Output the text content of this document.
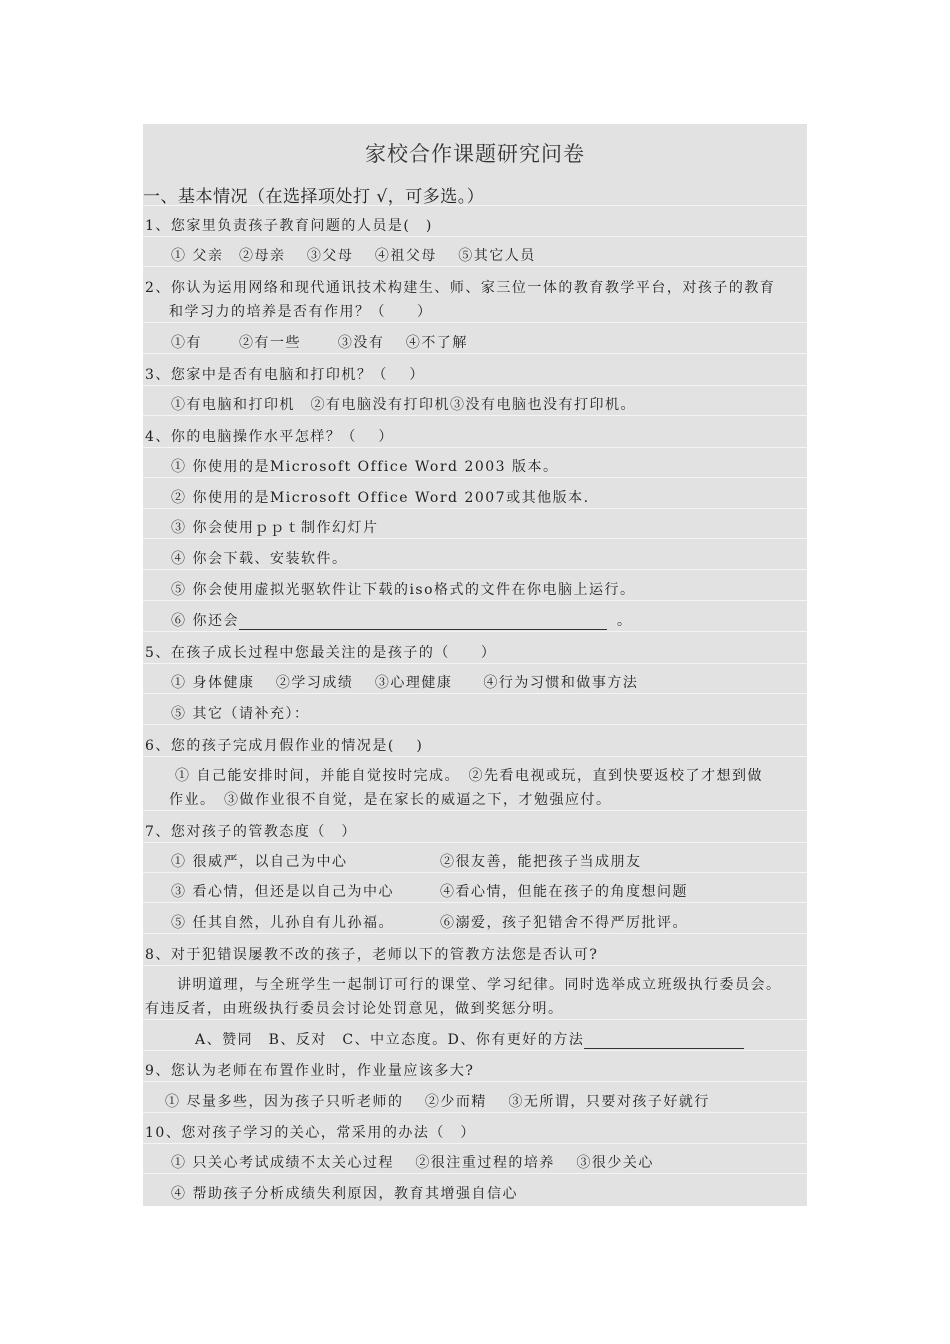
家校合作课题研究问卷
一、基本情况（在选择项处打 √，可多选。）
1、您家里负责孩子教育问题的人员是(　)
① 父亲　②母亲　 ③父母　 ④祖父母　 ⑤其它人员
2、你认为运用网络和现代通讯技术构建生、师、家三位一体的教育教学平台，对孩子的教育
和学习力的培养是否有作用？（　　）
①有　　 ②有一些　　 ③没有　 ④不了解
3、您家中是否有电脑和打印机？（　 ）
①有电脑和打印机　②有电脑没有打印机③没有电脑也没有打印机。
4、你的电脑操作水平怎样？（　 ）
① 你使用的是Microsoft Office Word 2003 版本。
② 你使用的是Microsoft Office Word 2007或其他版本.
③ 你会使用ｐｐｔ制作幻灯片
④ 你会下载、安装软件。
⑤ 你会使用虚拟光驱软件让下载的iso格式的文件在你电脑上运行。
⑥ 你还会	。
5、在孩子成长过程中您最关注的是孩子的（　　）
① 身体健康　 ②学习成绩　 ③心理健康　　④行为习惯和做事方法
⑤ 其它（请补充）：
6、您的孩子完成月假作业的情况是(　 )
① 自己能安排时间，并能自觉按时完成。　②先看电视或玩，直到快要返校了才想到做
作业。　③做作业很不自觉，是在家长的威逼之下，才勉强应付。
7、您对孩子的管教态度（　）
① 很威严，以自己为中心	②很友善，能把孩子当成朋友
③ 看心情，但还是以自己为中心	④看心情，但能在孩子的角度想问题
⑤ 任其自然，儿孙自有儿孙福。	⑥溺爱，孩子犯错舍不得严厉批评。
8、对于犯错误屡教不改的孩子，老师以下的管教方法您是否认可?
讲明道理，与全班学生一起制订可行的课堂、学习纪律。同时选举成立班级执行委员会。
有违反者，由班级执行委员会讨论处罚意见，做到奖惩分明。
A、赞同　B、反对　C、中立态度。D、你有更好的方法
9、您认为老师在布置作业时，作业量应该多大?
① 尽量多些，因为孩子只听老师的　 ②少而精　 ③无所谓，只要对孩子好就行
10、您对孩子学习的关心，常采用的办法（　）
① 只关心考试成绩不太关心过程　 ②很注重过程的培养　 ③很少关心
④ 帮助孩子分析成绩失利原因，教育其增强自信心
